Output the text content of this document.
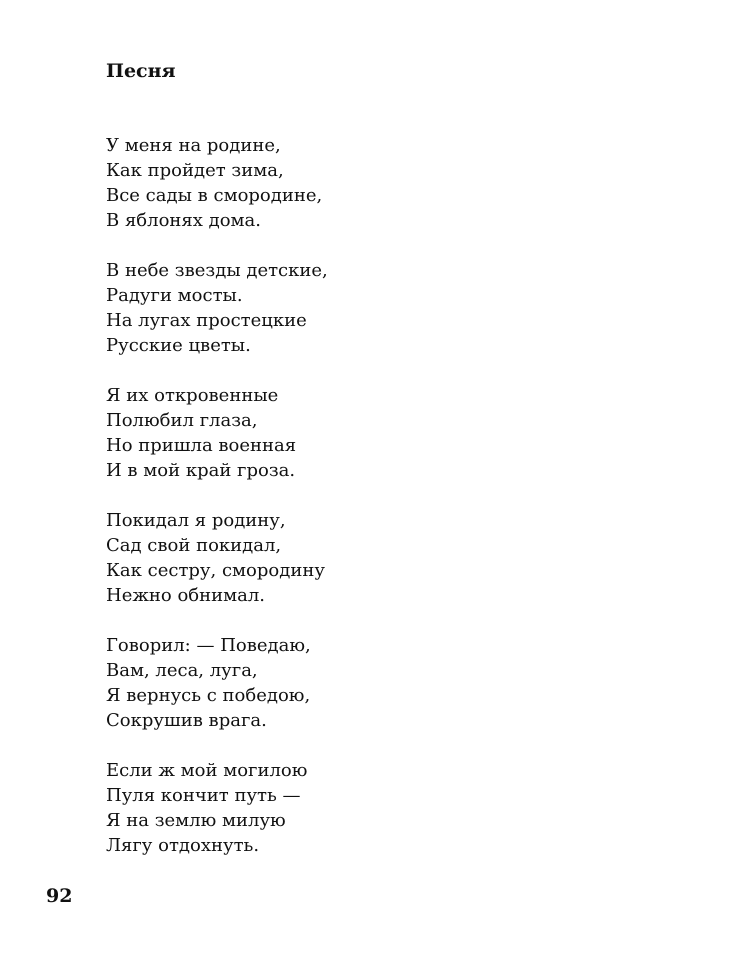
Песня
У меня на родине,
Как пройдет зима,
Все сады в смородине,
В яблонях дома.
В небе звезды детские,
Радуги мосты.
На лугах простецкие
Русские цветы.
Я их откровенные
Полюбил глаза,
Но пришла военная
И в мой край гроза.
Покидал я родину,
Сад свой покидал,
Как сестру, смородину
Нежно обнимал.
Говорил: — Поведаю,
Вам, леса, луга,
Я вернусь с победою,
Сокрушив врага.
Если ж мой могилою
Пуля кончит путь —
Я на землю милую
Лягу отдохнуть.
92
